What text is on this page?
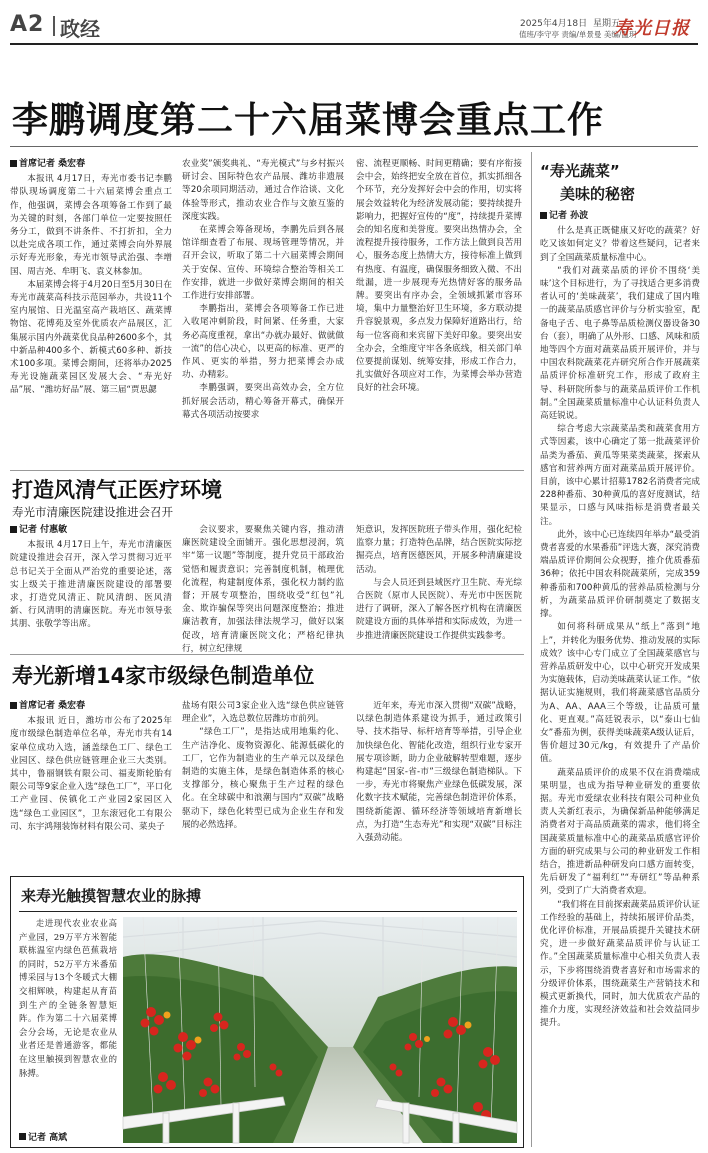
A2 政经	2025年4月18日 星期五
值班/李守亭 责编/单景曼 美编/温玥
寿光日报
李鹏调度第二十六届菜博会重点工作
首席记者 桑宏春

本报讯 4月17日，寿光市委书记李鹏带队现场调度第二十六届菜博会重点工作，他强调，菜博会各项筹备工作到了最为关键的时刻，各部门单位一定要按照任务分工，做到不讲条件、不打折扣，全力以赴完成各项工作，通过菜博会向外界展示好寿光形象，寿光市领导武治强、李增国、周吉尧、牟明飞、袁义林参加。

本届菜博会将于4月20日至5月30日在寿光市蔬菜高科技示范园举办，共设11个室内展馆、日光温室高产栽培区、蔬菜博物馆、花博苑及室外优质农产品展区，汇集展示国内外蔬菜优良品种2600多个，其中新品种400多个、新模式60多种、新技术100多项。菜博会期间，还将举办2025寿光设施蔬菜园区发展大会、“寿光好品”展、“潍坊好品”展、第三届“贾思勰

农业奖”颁奖典礼、“寿光模式”与乡村振兴研讨会、国际特色农产品展、潍坊非遗展等20余项同期活动，通过合作洽谈、文化体验等形式，推动农业合作与文旅互鉴的深度实践。

在菜博会筹备现场，李鹏先后到各展馆详细查看了布展、现场管理等情况，并召开会议，听取了第二十六届菜博会期间关于安保、宣传、环境综合整治等相关工作安排，就进一步做好菜博会期间的相关工作进行安排部署。

李鹏指出，菜博会各项筹备工作已进入收尾冲刺阶段，时间紧、任务重，大家务必高度重视，拿出“办就办最好、做就做一流”的信心决心，以更高的标准、更严的作风、更实的举措，努力把菜博会办成功、办精彩。

李鹏强调，要突出高效办会，全方位抓好展会活动，精心筹备开幕式，确保开幕式各项活动按要求

密、流程更顺畅、时间更精确；要有序衔接会中会，始终把安全放在首位，抓实抓细各个环节，充分发挥好会中会的作用，切实将展会效益转化为经济发展动能；要持续提升影响力，把握好宣传的“度”，持续提升菜博会的知名度和美誉度。要突出热情办会，全流程提升接待服务，工作方法上做到良苦用心，服务态度上热情大方，接待标准上做到有热度、有温度，确保服务细致入微、不出纰漏，进一步展现寿光热情好客的服务品牌。要突出有序办会，全领域抓紧市容环境，集中力量整治好卫生环境，多方联动提升容貌景观，多点发力保障好道路出行，给每一位客商和来宾留下美好印象。要突出安全办会，全维度守牢各条底线，相关部门单位要提前谋划、统筹安排，形成工作合力，扎实做好各项应对工作，为菜博会举办营造良好的社会环境。

“寿光蔬菜”
美味的秘密
记者 孙波

什么是真正既健康又好吃的蔬菜？好吃又该如何定义？带着这些疑问，记者来到了全国蔬菜质量标准中心。

“我们对蔬菜品质的评价不围绕‘美味’这个目标进行，为了寻找适合更多消费者认可的‘美味蔬菜’，我们建成了国内唯一的蔬菜品质感官评价与分析实验室，配备电子舌、电子鼻等品质检测仪器设备30台（套），明确了从外形、口感、风味和质地等四个方面对蔬菜品质开展评价，并与中国农科院蔬菜花卉研究所合作开展蔬菜品质评价标准研究工作，形成了政府主导、科研院所参与的蔬菜品质评价工作机制。”全国蔬菜质量标准中心认证科负责人高廷锐说。

综合考虑大宗蔬菜品类和蔬菜食用方式等因素，该中心确定了第一批蔬菜评价品类为番茄、黄瓜等果菜类蔬菜，探索从感官和营养两方面对蔬菜品质开展评价。目前，该中心累计招募1782名消费者完成228种番茄、30种黄瓜的喜好度测试，结果显示，口感与风味指标是消费者最关注。

此外，该中心已连续四年举办“最受消费者喜爱的水果番茄”评选大赛，深究消费端品质评价期间公众视野，推介优质番茄36种；依托中国农科院蔬菜所，完成359种番茄和700种黄瓜的营养品质检测与分析，为蔬菜品质评价研制奠定了数据支撑。

如何将科研成果从“纸上”落到“地上”，并转化为服务优势、推动发展的实际成效？该中心专门成立了全国蔬菜感官与营养品质研发中心，以中心研究开发成果为实施载体，启动美味蔬菜认证工作。“依据认证实施规则，我们将蔬菜感官品质分为A、AA、AAA三个等级，让品质可量化、更直观。”高廷锐表示，以“泰山七仙女”番茄为例，获得美味蔬菜A级认证后，售价超过30元/kg，有效提升了产品价值。

蔬菜品质评价的成果不仅在消费端成果明显，也成为指导种业研发的重要依据。寿光市爱绿农业科技有限公司种业负责人关新红表示，为确保新品种能够满足消费者对于高品质蔬菜的需求，他们将全国蔬菜质量标准中心的蔬菜品质感官评价方面的研究成果与公司的种业研发工作相结合，推进新品种研发向口感方面转变，先后研发了“福利红”“寿研红”等品种系列，受到了广大消费者欢迎。

“我们将在目前探索蔬菜品质评价认证工作经验的基础上，持续拓展评价品类，优化评价标准，开展品质提升关键技术研究，进一步做好蔬菜品质评价与认证工作。”全国蔬菜质量标准中心相关负责人表示，下步将围绕消费者喜好和市场需求的分级评价体系，围绕蔬菜生产营销技术和模式更新换代，同时，加大优质农产品的推介力度，实现经济效益和社会效益同步提升。

打造风清气正医疗环境
寿光市清廉医院建设推进会召开
记者 付惠敏

本报讯 4月17日上午，寿光市清廉医院建设推进会召开，深入学习贯彻习近平总书记关于全面从严治党的重要论述，落实上级关于推进清廉医院建设的部署要求，打造党风清正、院风清朗、医风清新、行风清明的清廉医院。寿光市领导张其朋、张敬学等出席。

会议要求，要聚焦关键内容，推动清廉医院建设全面铺开。强化思想浸润，筑牢“第一议题”等制度，提升党员干部政治觉悟和履责意识；完善制度机制，梳理优化流程，构建制度体系，强化权力制约监督；开展专项整治，围绕收受“红包”礼金、欺诈骗保等突出问题深度整治；推进廉洁教育，加强法律法规学习，做好以案促改，培育清廉医院文化；严格纪律执行，树立纪律规

矩意识，发挥医院班子带头作用，强化纪检监察力量；打造特色品牌，结合医院实际挖掘亮点，培育医德医风，开展多种清廉建设活动。

与会人员还到县域医疗卫生院、寿光综合医院（原市人民医院）、寿光市中医医院进行了调研，深入了解各医疗机构在清廉医院建设方面的具体举措和实际成效，为进一步推进清廉医院建设工作提供实践参考。

寿光新增14家市级绿色制造单位
首席记者 桑宏春

本报讯 近日，潍坊市公布了2025年度市级绿色制造单位名单，寿光市共有14家单位成功入选，涵盖绿色工厂、绿色工业园区、绿色供应链管理企业三大类别。其中，鲁丽钢铁有限公司、福麦斯轮胎有限公司等9家企业入选“绿色工厂”，平口化工产业园、侯镇化工产业园2家园区入选“绿色工业园区”，卫东滚冠化工有限公司、东宇鸿翔装饰材料有限公司、菜央子

盐场有限公司3家企业入选“绿色供应链管理企业”，入选总数位居潍坊市前列。

“绿色工厂”，是指达成用地集约化、生产洁净化、废物资源化、能源低碳化的工厂，它作为制造业的生产单元以及绿色制造的实施主体，是绿色制造体系的核心支撑部分，核心聚焦于生产过程的绿色化。在全球碳中和浪潮与国内“双碳”战略驱动下，绿色化转型已成为企业生存和发展的必然选择。

近年来，寿光市深入贯彻“双碳”战略，以绿色制造体系建设为抓手，通过政策引导、技术指导、标杆培育等举措，引导企业加快绿色化、智能化改造，组织行业专家开展专项诊断，助力企业破解转型难题，逐步构建起“国家-省-市”三级绿色制造梯队。下一步，寿光市将聚焦产业绿色低碳发展，深化数字技术赋能，完善绿色制造评价体系，围绕新能源、循环经济等领域培育新增长点，为打造“生态寿光”和实现“双碳”目标注入强劲动能。

来寿光触摸智慧农业的脉搏
走进现代农业农业高产业园，29万平方米智能联栋温室内绿色芭蕉栽培的同时，52万平方米番茄博采园与13个冬暖式大棚交相辉映，构建起从育苗到生产的全链条智慧矩阵。作为第二十六届菜博会分会场，无论是农业从业者还是普通游客，都能在这里触摸到智慧农业的脉搏。
记者 高斌
